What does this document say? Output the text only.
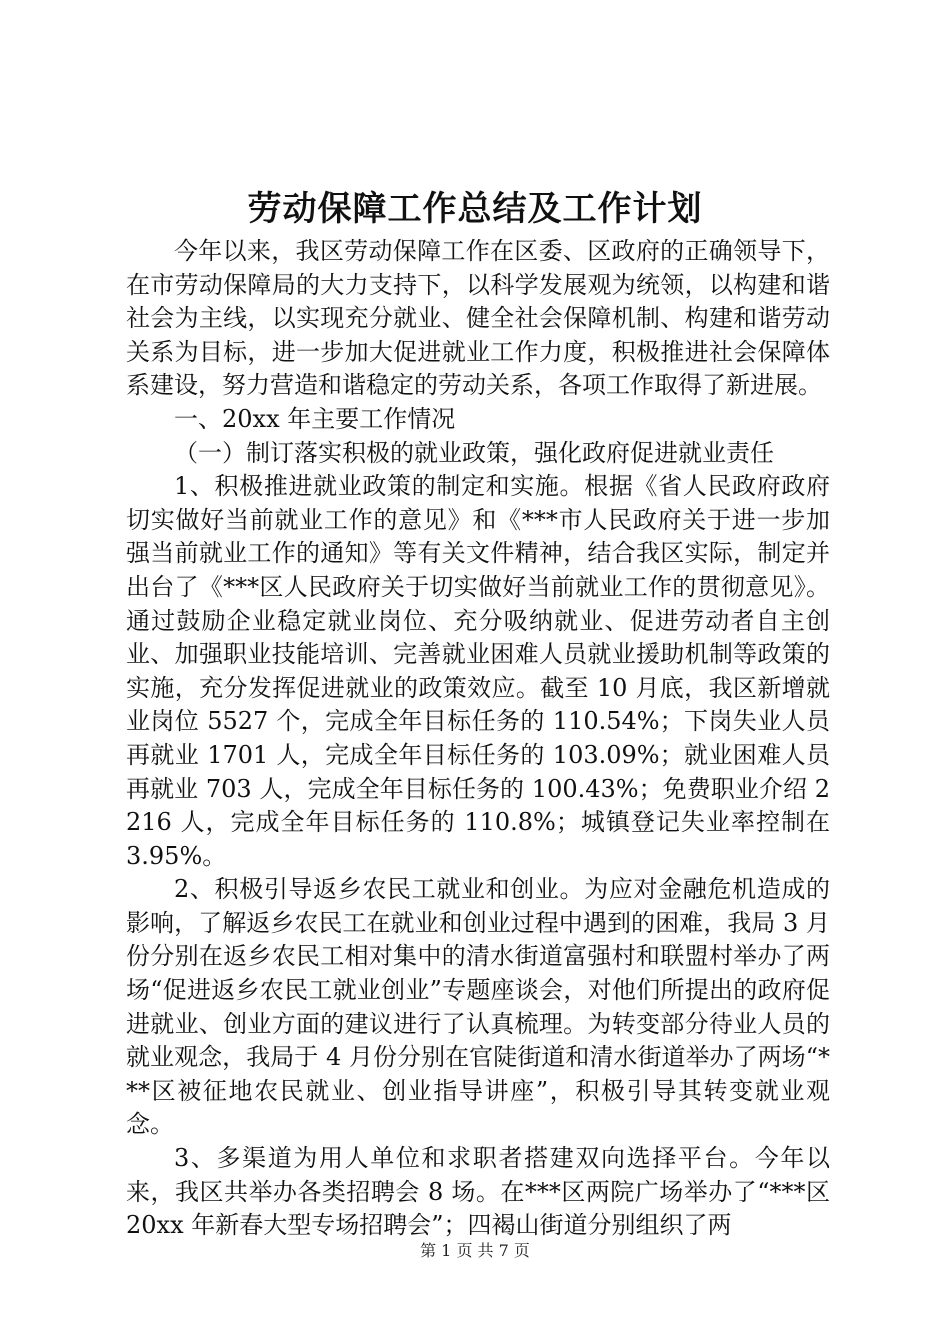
劳动保障工作总结及工作计划

今年以来，我区劳动保障工作在区委、区政府的正确领导下，在市劳动保障局的大力支持下，以科学发展观为统领，以构建和谐社会为主线，以实现充分就业、健全社会保障机制、构建和谐劳动关系为目标，进一步加大促进就业工作力度，积极推进社会保障体系建设，努力营造和谐稳定的劳动关系，各项工作取得了新进展。

一、20xx 年主要工作情况

（一）制订落实积极的就业政策，强化政府促进就业责任

1、积极推进就业政策的制定和实施。根据《省人民政府政府切实做好当前就业工作的意见》和《***市人民政府关于进一步加强当前就业工作的通知》等有关文件精神，结合我区实际，制定并出台了《***区人民政府关于切实做好当前就业工作的贯彻意见》。通过鼓励企业稳定就业岗位、充分吸纳就业、促进劳动者自主创业、加强职业技能培训、完善就业困难人员就业援助机制等政策的实施，充分发挥促进就业的政策效应。截至 10 月底，我区新增就业岗位 5527 个，完成全年目标任务的 110.54%；下岗失业人员再就业 1701 人，完成全年目标任务的 103.09%；就业困难人员再就业 703 人，完成全年目标任务的 100.43%；免费职业介绍 2216 人，完成全年目标任务的 110.8%；城镇登记失业率控制在 3.95%。

2、积极引导返乡农民工就业和创业。为应对金融危机造成的影响，了解返乡农民工在就业和创业过程中遇到的困难，我局 3 月份分别在返乡农民工相对集中的清水街道富强村和联盟村举办了两场“促进返乡农民工就业创业”专题座谈会，对他们所提出的政府促进就业、创业方面的建议进行了认真梳理。为转变部分待业人员的就业观念，我局于 4 月份分别在官陡街道和清水街道举办了两场“***区被征地农民就业、创业指导讲座”，积极引导其转变就业观念。

3、多渠道为用人单位和求职者搭建双向选择平台。今年以来，我区共举办各类招聘会 8 场。在***区两院广场举办了“***区 20xx 年新春大型专场招聘会”；四褐山街道分别组织了两

第 1 页 共 7 页
